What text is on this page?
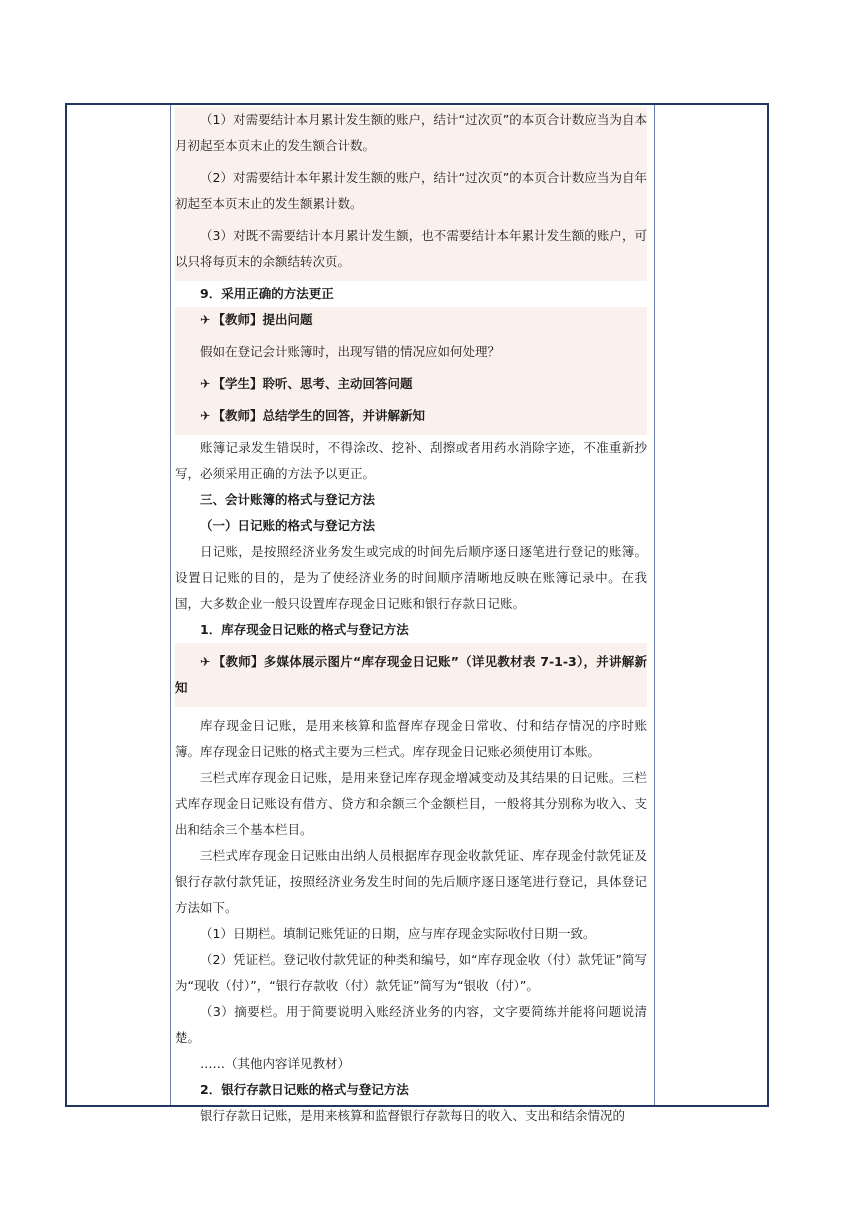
（1）对需要结计本月累计发生额的账户，结计“过次页”的本页合计数应当为自本月初起至本页末止的发生额合计数。

（2）对需要结计本年累计发生额的账户，结计“过次页”的本页合计数应当为自年初起至本页末止的发生额累计数。

（3）对既不需要结计本月累计发生额，也不需要结计本年累计发生额的账户，可以只将每页末的余额结转次页。

9．采用正确的方法更正

✈ 【教师】提出问题

假如在登记会计账簿时，出现写错的情况应如何处理？

✈ 【学生】聆听、思考、主动回答问题

✈ 【教师】总结学生的回答，并讲解新知

账簿记录发生错误时，不得涂改、挖补、刮擦或者用药水消除字迹，不准重新抄写，必须采用正确的方法予以更正。

三、会计账簿的格式与登记方法

（一）日记账的格式与登记方法

日记账，是按照经济业务发生或完成的时间先后顺序逐日逐笔进行登记的账簿。设置日记账的目的，是为了使经济业务的时间顺序清晰地反映在账簿记录中。在我国，大多数企业一般只设置库存现金日记账和银行存款日记账。

1．库存现金日记账的格式与登记方法

✈ 【教师】多媒体展示图片“库存现金日记账”（详见教材表 7-1-3），并讲解新知

库存现金日记账，是用来核算和监督库存现金日常收、付和结存情况的序时账簿。库存现金日记账的格式主要为三栏式。库存现金日记账必须使用订本账。

三栏式库存现金日记账，是用来登记库存现金增减变动及其结果的日记账。三栏式库存现金日记账设有借方、贷方和余额三个金额栏目，一般将其分别称为收入、支出和结余三个基本栏目。

三栏式库存现金日记账由出纳人员根据库存现金收款凭证、库存现金付款凭证及银行存款付款凭证，按照经济业务发生时间的先后顺序逐日逐笔进行登记，具体登记方法如下。

（1）日期栏。填制记账凭证的日期，应与库存现金实际收付日期一致。

（2）凭证栏。登记收付款凭证的种类和编号，如“库存现金收（付）款凭证”简写为“现收（付）”，“银行存款收（付）款凭证”简写为“银收（付）”。

（3）摘要栏。用于简要说明入账经济业务的内容，文字要简练并能将问题说清楚。

……（其他内容详见教材）

2．银行存款日记账的格式与登记方法

银行存款日记账，是用来核算和监督银行存款每日的收入、支出和结余情况的
